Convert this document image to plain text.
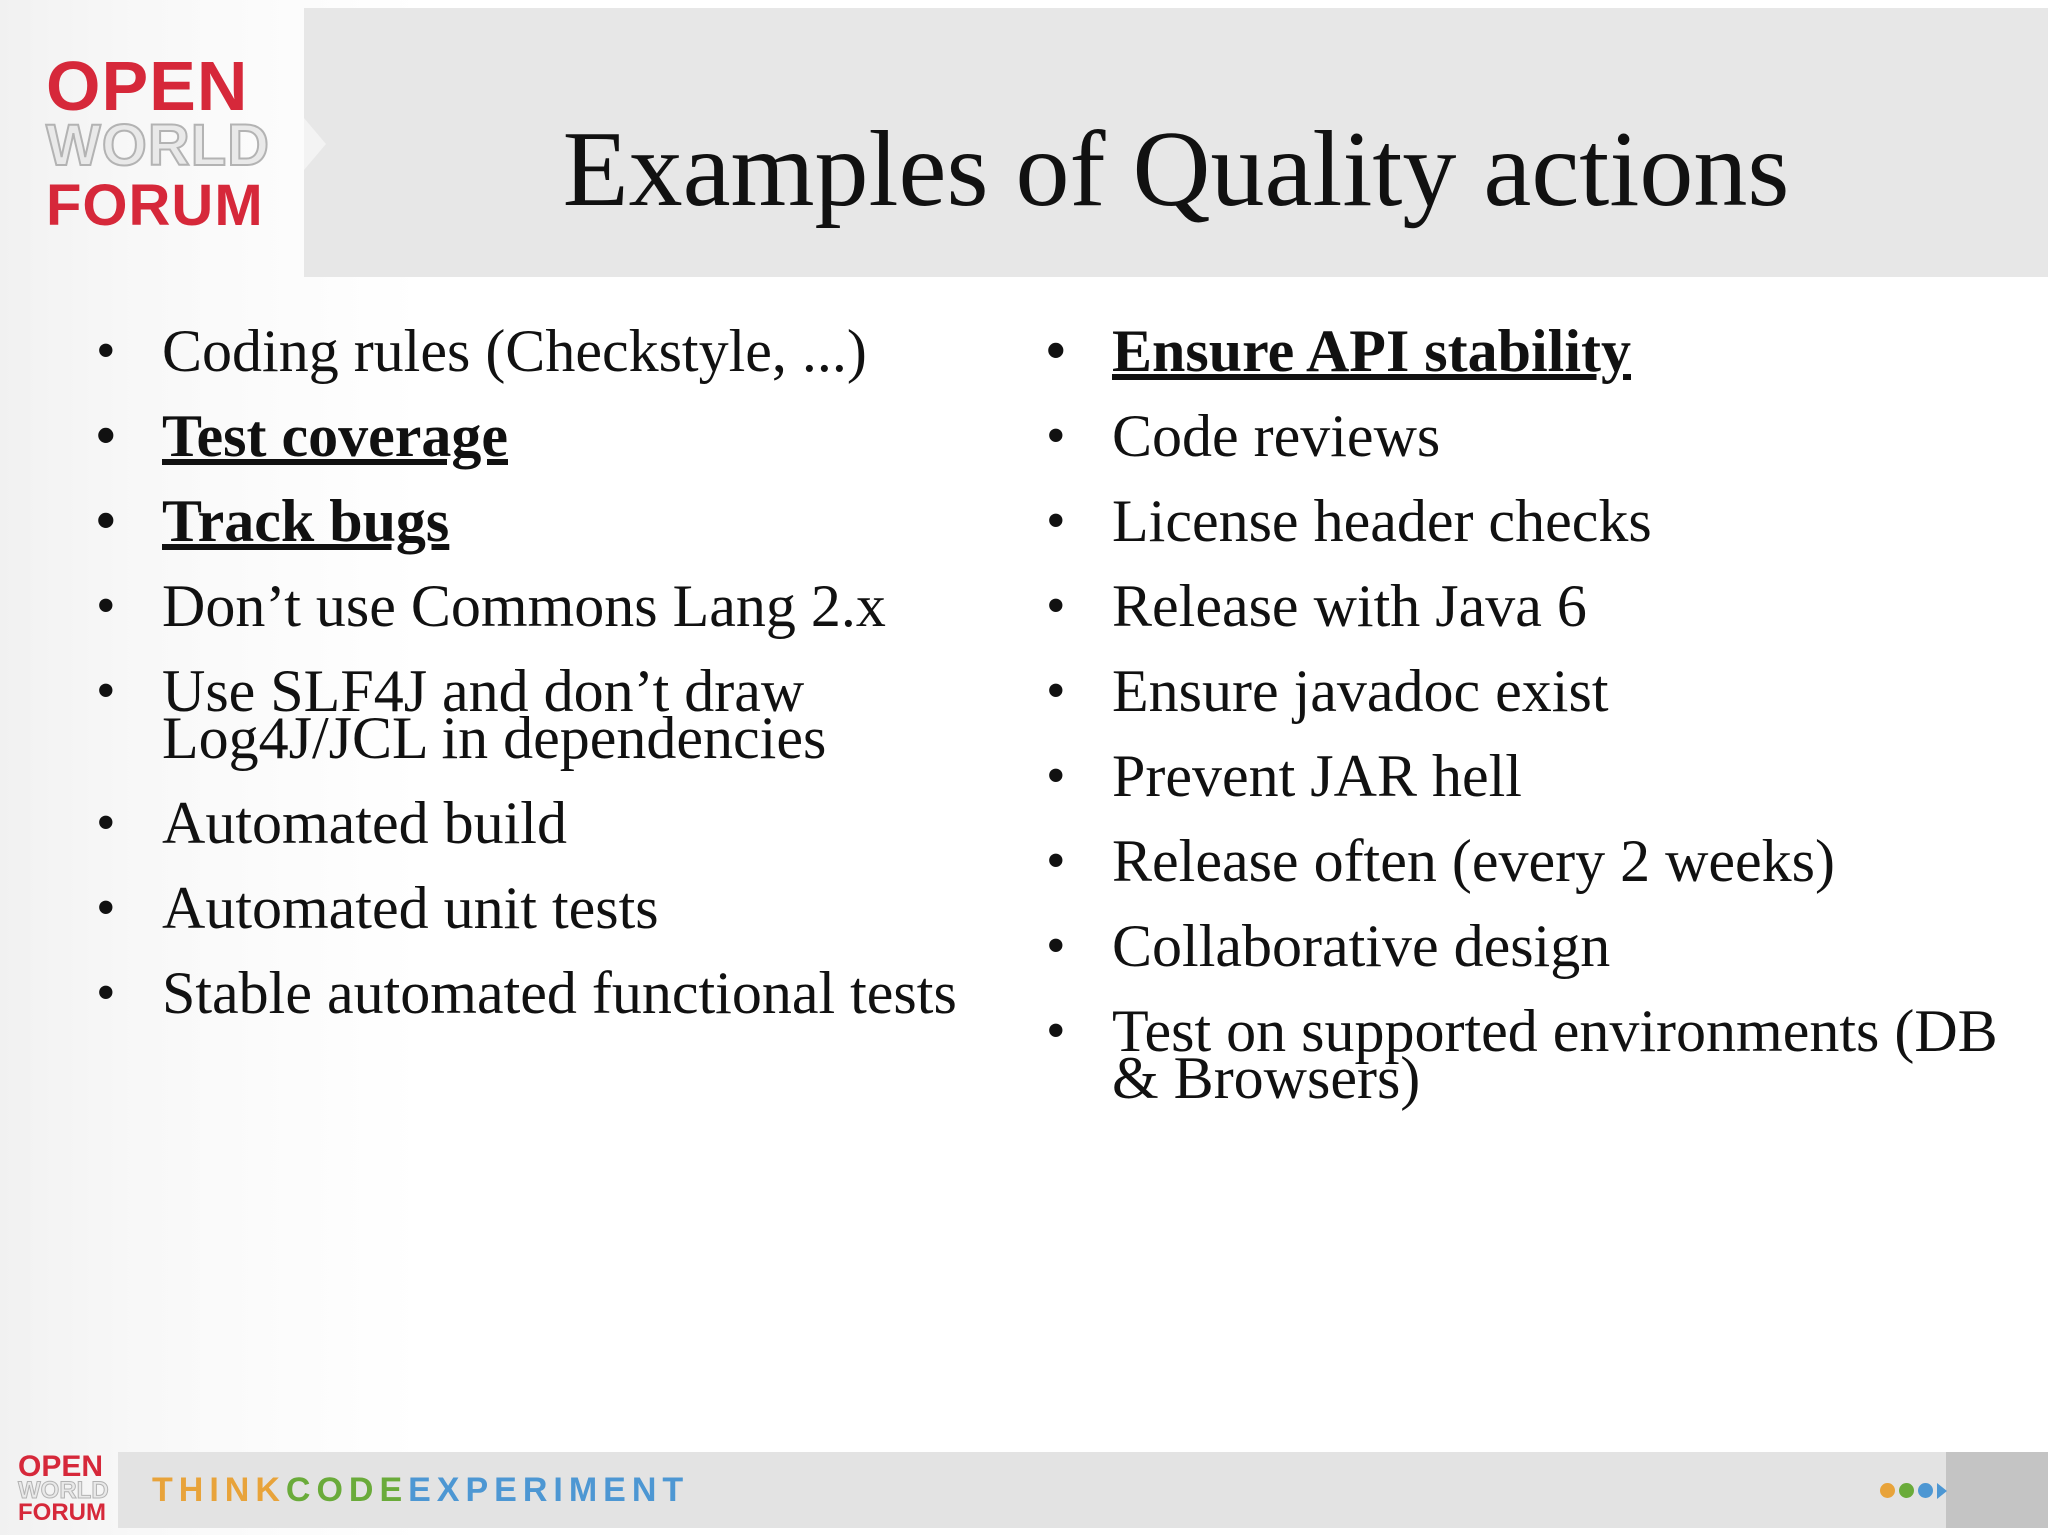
OPEN
WORLD
FORUM	Examples of Quality actions
• Coding rules (Checkstyle, ...)
• Test coverage
• Track bugs
• Don’t use Commons Lang 2.x
• Use SLF4J and don’t draw Log4J/JCL in dependencies
• Automated build
• Automated unit tests
• Stable automated functional tests
• Ensure API stability
• Code reviews
• License header checks
• Release with Java 6
• Ensure javadoc exist
• Prevent JAR hell
• Release often (every 2 weeks)
• Collaborative design
• Test on supported environments (DB & Browsers)
OPEN
WORLD
FORUM
THINKCODEEXPERIMENT
